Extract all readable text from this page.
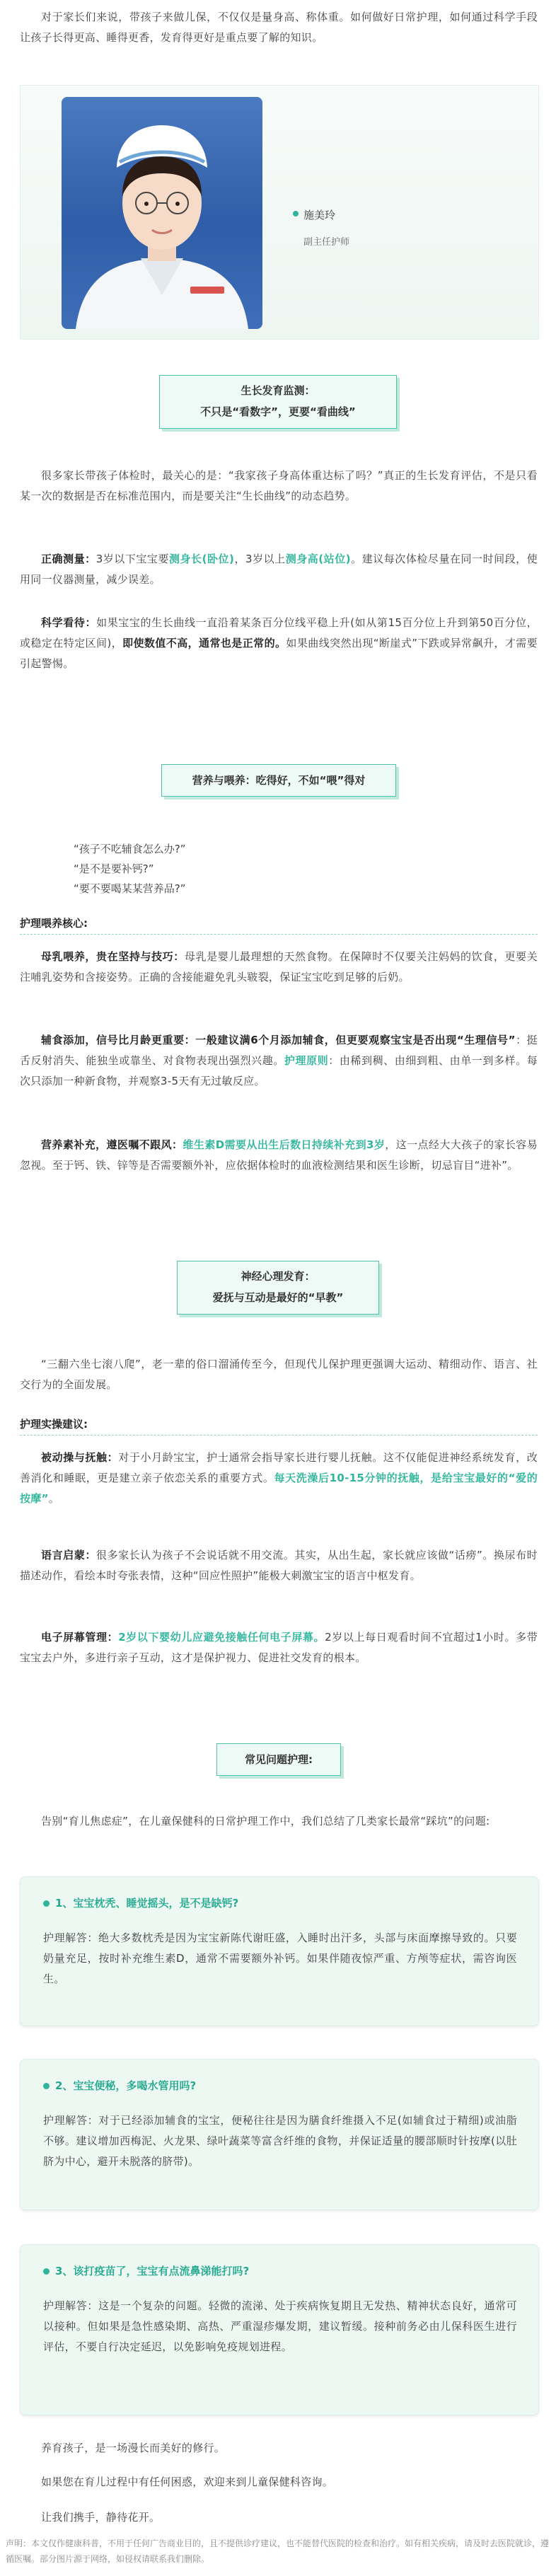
对于家长们来说，带孩子来做儿保，不仅仅是量身高、称体重。如何做好日常护理，如何通过科学手段让孩子长得更高、睡得更香，发育得更好是重点要了解的知识。

施美玲
副主任护师
生长发育监测：
不只是“看数字”，更要“看曲线”

很多家长带孩子体检时，最关心的是：“我家孩子身高体重达标了吗？”真正的生长发育评估，不是只看某一次的数据是否在标准范围内，而是要关注“生长曲线”的动态趋势。

正确测量：3岁以下宝宝要测身长(卧位)，3岁以上测身高(站位)。建议每次体检尽量在同一时间段，使用同一仪器测量，减少误差。

科学看待：如果宝宝的生长曲线一直沿着某条百分位线平稳上升(如从第15百分位上升到第50百分位，或稳定在特定区间)，即使数值不高，通常也是正常的。如果曲线突然出现“断崖式”下跌或异常飙升，才需要引起警惕。

营养与喂养：吃得好，不如“喂”得对

“孩子不吃辅食怎么办?”

“是不是要补钙?”

“要不要喝某某营养品?”

护理喂养核心:

母乳喂养，贵在坚持与技巧：母乳是婴儿最理想的天然食物。在保障时不仅要关注妈妈的饮食，更要关注哺乳姿势和含接姿势。正确的含接能避免乳头皲裂，保证宝宝吃到足够的后奶。

辅食添加，信号比月龄更重要：一般建议满6个月添加辅食，但更要观察宝宝是否出现“生理信号”：挺舌反射消失、能独坐或靠坐、对食物表现出强烈兴趣。护理原则：由稀到稠、由细到粗、由单一到多样。每次只添加一种新食物，并观察3-5天有无过敏反应。

营养素补充，遵医嘱不跟风：维生素D需要从出生后数日持续补充到3岁，这一点经大大孩子的家长容易忽视。至于钙、铁、锌等是否需要额外补，应依据体检时的血液检测结果和医生诊断，切忌盲目“进补”。

神经心理发育：
爱抚与互动是最好的“早教”

“三翻六坐七滚八爬”，老一辈的俗口溜涌传至今，但现代儿保护理更强调大运动、精细动作、语言、社交行为的全面发展。

护理实操建议:

被动操与抚触：对于小月龄宝宝，护士通常会指导家长进行婴儿抚触。这不仅能促进神经系统发育，改善消化和睡眠，更是建立亲子依恋关系的重要方式。每天洗澡后10-15分钟的抚触，是给宝宝最好的“爱的按摩”。

语言启蒙：很多家长认为孩子不会说话就不用交流。其实，从出生起，家长就应该做“话痨”。换尿布时描述动作，看绘本时夸张表情，这种“回应性照护”能极大刺激宝宝的语言中枢发育。

电子屏幕管理：2岁以下婴幼儿应避免接触任何电子屏幕。2岁以上每日观看时间不宜超过1小时。多带宝宝去户外，多进行亲子互动，这才是保护视力、促进社交发育的根本。

常见问题护理:

告别“育儿焦虑症”，在儿童保健科的日常护理工作中，我们总结了几类家长最常“踩坑”的问题:

1、宝宝枕秃、睡觉摇头，是不是缺钙?

护理解答：绝大多数枕秃是因为宝宝新陈代谢旺盛，入睡时出汗多，头部与床面摩擦导致的。只要奶量充足，按时补充维生素D，通常不需要额外补钙。如果伴随夜惊严重、方颅等症状，需咨询医生。

2、宝宝便秘，多喝水管用吗?

护理解答：对于已经添加辅食的宝宝，便秘往往是因为膳食纤维摄入不足(如辅食过于精细)或油脂不够。建议增加西梅泥、火龙果、绿叶蔬菜等富含纤维的食物，并保证适量的腰部顺时针按摩(以肚脐为中心，避开未脱落的脐带)。

3、该打疫苗了，宝宝有点流鼻涕能打吗?

护理解答：这是一个复杂的问题。轻微的流涕、处于疾病恢复期且无发热、精神状态良好，通常可以接种。但如果是急性感染期、高热、严重湿疹爆发期，建议暂缓。接种前务必由儿保科医生进行评估，不要自行决定延迟，以免影响免疫规划进程。

养育孩子，是一场漫长而美好的修行。

如果您在育儿过程中有任何困惑，欢迎来到儿童保健科咨询。

让我们携手，静待花开。

声明：本文仅作健康科普，不用于任何广告商业目的，且不提供诊疗建议，也不能替代医院的检查和治疗。如有相关疾病，请及时去医院就诊，遵循医嘱。部分图片源于网络，如侵权请联系我们删除。
